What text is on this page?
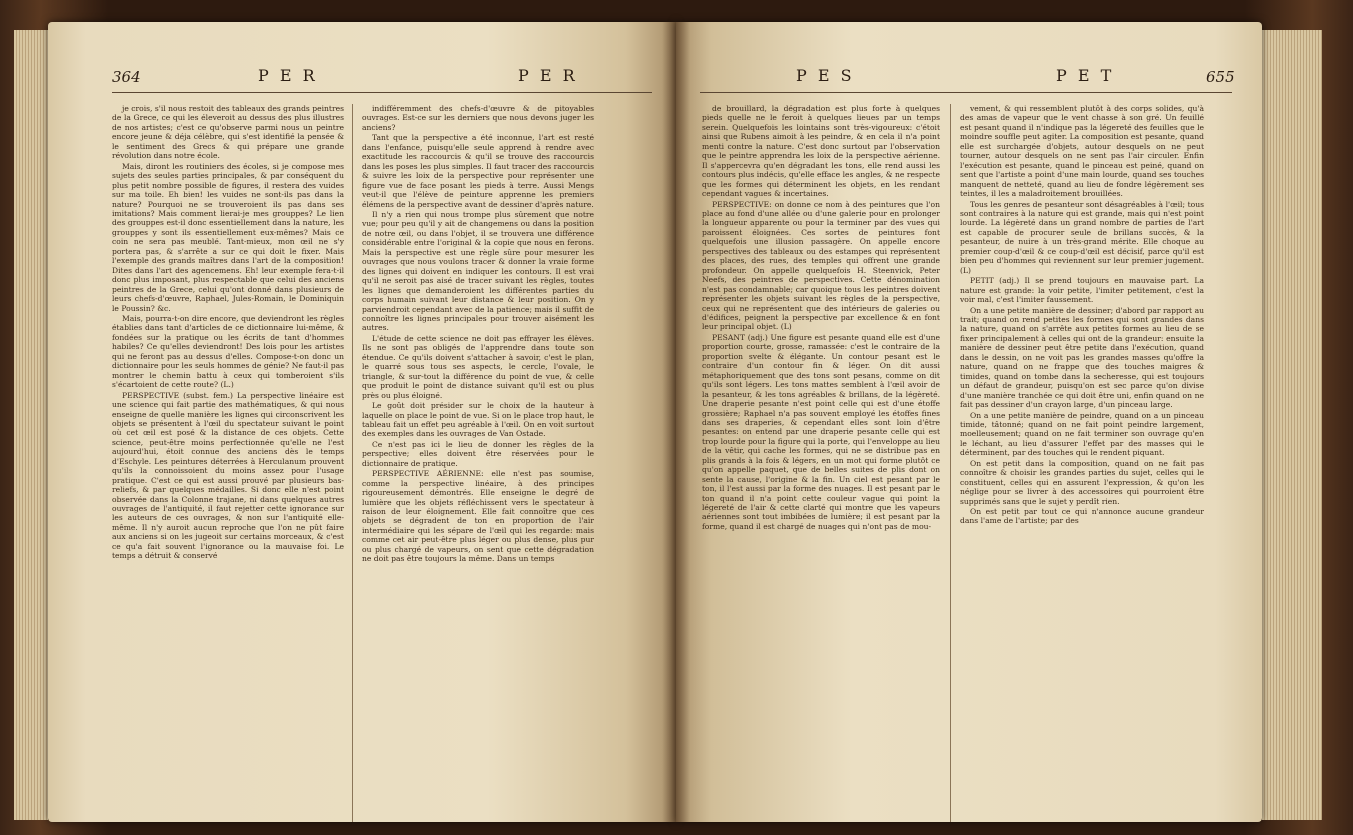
364	P E R	P E R

je crois, s'il nous restoit des tableaux des grands peintres de la Grece, ce qui les éleveroit au dessus des plus illustres de nos artistes; c'est ce qu'observe parmi nous un peintre encore jeune & déja célèbre, qui s'est identifié la pensée & le sentiment des Grecs & qui prépare une grande révolution dans notre école.

Mais, diront les routiniers des écoles, si je compose mes sujets des seules parties principales, & par conséquent du plus petit nombre possible de figures, il restera des vuides sur ma toile. Eh bien! les vuides ne sont-ils pas dans la nature? Pourquoi ne se trouveroient ils pas dans ses imitations? Mais comment lierai-je mes grouppes? Le lien des grouppes est-il donc essentiellement dans la nature, les grouppes y sont ils essentiellement eux-mêmes? Mais ce coin ne sera pas meublé. Tant-mieux, mon œil ne s'y portera pas, & s'arrête a sur ce qui doit le fixer. Mais l'exemple des grands maîtres dans l'art de la composition! Dites dans l'art des agencemens. Eh! leur exemple fera-t-il donc plus imposant, plus respectable que celui des anciens peintres de la Grece, celui qu'ont donné dans plusieurs de leurs chefs-d'œuvre, Raphael, Jules-Romain, le Dominiquin le Poussin? &c.

Mais, pourra-t-on dire encore, que deviendront les règles établies dans tant d'articles de ce dictionnaire lui-même, & fondées sur la pratique ou les écrits de tant d'hommes habiles? Ce qu'elles deviendront! Des lois pour les artistes qui ne feront pas au dessus d'elles. Compose-t-on donc un dictionnaire pour les seuls hommes de génie? Ne faut-il pas montrer le chemin battu à ceux qui tomberoient s'ils s'écartoient de cette route? (L.)

PERSPECTIVE (subst. fem.) La perspective linéaire est une science qui fait partie des mathématiques, & qui nous enseigne de quelle manière les lignes qui circonscrivent les objets se présentent à l'œil du spectateur suivant le point où cet œil est posé & la distance de ces objets. Cette science, peut-être moins perfectionnée qu'elle ne l'est aujourd'hui, étoit connue des anciens dès le temps d'Eschyle. Les peintures déterrées à Herculanum prouvent qu'ils la connoissoient du moins assez pour l'usage pratique. C'est ce qui est aussi prouvé par plusieurs bas-reliefs, & par quelques médailles. Si donc elle n'est point observée dans la Colonne trajane, ni dans quelques autres ouvrages de l'antiquité, il faut rejetter cette ignorance sur les auteurs de ces ouvrages, & non sur l'antiquité elle-même. Il n'y auroit aucun reproche que l'on ne pût faire aux anciens si on les jugeoit sur certains morceaux, & c'est ce qu'a fait souvent l'ignorance ou la mauvaise foi. Le temps a détruit & conservé

indifféremment des chefs-d'œuvre & de pitoyables ouvrages. Est-ce sur les derniers que nous devons juger les anciens?

Tant que la perspective a été inconnue, l'art est resté dans l'enfance, puisqu'elle seule apprend à rendre avec exactitude les raccourcis & qu'il se trouve des raccourcis dans les poses les plus simples. Il faut tracer des raccourcis & suivre les loix de la perspective pour représenter une figure vue de face posant les pieds à terre. Aussi Mengs veut-il que l'élève de peinture apprenne les premiers élémens de la perspective avant de dessiner d'après nature.

Il n'y a rien qui nous trompe plus sûrement que notre vue; pour peu qu'il y ait de changemens ou dans la position de notre œil, ou dans l'objet, il se trouvera une différence considérable entre l'original & la copie que nous en ferons. Mais la perspective est une règle sûre pour mesurer les ouvrages que nous voulons tracer & donner la vraie forme des lignes qui doivent en indiquer les contours. Il est vrai qu'il ne seroit pas aisé de tracer suivant les règles, toutes les lignes que demanderoient les différentes parties du corps humain suivant leur distance & leur position. On y parviendroit cependant avec de la patience; mais il suffit de connoître les lignes principales pour trouver aisément les autres.

L'étude de cette science ne doit pas effrayer les élèves. Ils ne sont pas obligés de l'apprendre dans toute son étendue. Ce qu'ils doivent s'attacher à savoir, c'est le plan, le quarré sous tous ses aspects, le cercle, l'ovale, le triangle, & sur-tout la différence du point de vue, & celle que produit le point de distance suivant qu'il est ou plus près ou plus éloigné.

Le goût doit présider sur le choix de la hauteur à laquelle on place le point de vue. Si on le place trop haut, le tableau fait un effet peu agréable à l'œil. On en voit surtout des exemples dans les ouvrages de Van Ostade.

Ce n'est pas ici le lieu de donner les règles de la perspective; elles doivent être réservées pour le dictionnaire de pratique.

PERSPECTIVE AÉRIENNE: elle n'est pas soumise, comme la perspective linéaire, à des principes rigoureusement démontrés. Elle enseigne le degré de lumière que les objets réfléchissent vers le spectateur à raison de leur éloignement. Elle fait connoître que ces objets se dégradent de ton en proportion de l'air intermédiaire qui les sépare de l'œil qui les regarde: mais comme cet air peut-être plus léger ou plus dense, plus pur ou plus chargé de vapeurs, on sent que cette dégradation ne doit pas être toujours la même. Dans un temps

P E S	P E T	655

de brouillard, la dégradation est plus forte à quelques pieds quelle ne le feroit à quelques lieues par un temps serein. Quelquefois les lointains sont très-vigoureux: c'étoit ainsi que Rubens aimoit à les peindre, & en cela il n'a point menti contre la nature. C'est donc surtout par l'observation que le peintre apprendra les loix de la perspective aérienne. Il s'appercevra qu'en dégradant les tons, elle rend aussi les contours plus indécis, qu'elle efface les angles, & ne respecte que les formes qui déterminent les objets, en les rendant cependant vagues & incertaines.

PERSPECTIVE: on donne ce nom à des peintures que l'on place au fond d'une allée ou d'une galerie pour en prolonger la longueur apparente ou pour la terminer par des vues qui paroissent éloignées. Ces sortes de peintures font quelquefois une illusion passagère. On appelle encore perspectives des tableaux ou des estampes qui représentent des places, des rues, des temples qui offrent une grande profondeur. On appelle quelquefois H. Steenvick, Peter Neefs, des peintres de perspectives. Cette dénomination n'est pas condamnable; car quoique tous les peintres doivent représenter les objets suivant les règles de la perspective, ceux qui ne représentent que des intérieurs de galeries ou d'édifices, peignent la perspective par excellence & en font leur principal objet. (L)

PESANT (adj.) Une figure est pesante quand elle est d'une proportion courte, grosse, ramassée: c'est le contraire de la proportion svelte & élégante. Un contour pesant est le contraire d'un contour fin & léger. On dit aussi métaphoriquement que des tons sont pesans, comme on dit qu'ils sont légers. Les tons mattes semblent à l'œil avoir de la pesanteur, & les tons agréables & brillans, de la légèreté. Une draperie pesante n'est point celle qui est d'une étoffe grossière; Raphael n'a pas souvent employé les étoffes fines dans ses draperies, & cependant elles sont loin d'être pesantes: on entend par une draperie pesante celle qui est trop lourde pour la figure qui la porte, qui l'enveloppe au lieu de la vêtir, qui cache les formes, qui ne se distribue pas en plis grands à la fois & légers, en un mot qui forme plutôt ce qu'on appelle paquet, que de belles suites de plis dont on sente la cause, l'origine & la fin. Un ciel est pesant par le ton, il l'est aussi par la forme des nuages. Il est pesant par le ton quand il n'a point cette couleur vague qui point la légereté de l'air & cette clarté qui montre que les vapeurs aériennes sont tout imbibées de lumière; il est pesant par la forme, quand il est chargé de nuages qui n'ont pas de mou-

vement, & qui ressemblent plutôt à des corps solides, qu'à des amas de vapeur que le vent chasse à son gré. Un feuillé est pesant quand il n'indique pas la légereté des feuilles que le moindre souffle peut agiter. La composition est pesante, quand elle est surchargée d'objets, autour desquels on ne peut tourner, autour desquels on ne sent pas l'air circuler. Enfin l'exécution est pesante, quand le pinceau est peiné, quand on sent que l'artiste a point d'une main lourde, quand ses touches manquent de netteté, quand au lieu de fondre légèrement ses teintes, il les a maladroitement brouillées.

Tous les genres de pesanteur sont désagréables à l'œil; tous sont contraires à la nature qui est grande, mais qui n'est point lourde. La légèreté dans un grand nombre de parties de l'art est capable de procurer seule de brillans succès, & la pesanteur, de nuire à un très-grand mérite. Elle choque au premier coup-d'œil & ce coup-d'œil est décisif, parce qu'il est bien peu d'hommes qui reviennent sur leur premier jugement. (L)

PETIT (adj.) Il se prend toujours en mauvaise part. La nature est grande: la voir petite, l'imiter petitement, c'est la voir mal, c'est l'imiter faussement.

On a une petite manière de dessiner; d'abord par rapport au trait; quand on rend petites les formes qui sont grandes dans la nature, quand on s'arrête aux petites formes au lieu de se fixer principalement à celles qui ont de la grandeur: ensuite la manière de dessiner peut être petite dans l'exécution, quand dans le dessin, on ne voit pas les grandes masses qu'offre la nature, quand on ne frappe que des touches maigres & timides, quand on tombe dans la secheresse, qui est toujours un défaut de grandeur, puisqu'on est sec parce qu'on divise d'une manière tranchée ce qui doit être uni, enfin quand on ne fait pas dessiner d'un crayon large, d'un pinceau large.

On a une petite manière de peindre, quand on a un pinceau timide, tâtonné; quand on ne fait point peindre largement, moelleusement; quand on ne fait terminer son ouvrage qu'en le léchant, au lieu d'assurer l'effet par des masses qui le déterminent, par des touches qui le rendent piquant.

On est petit dans la composition, quand on ne fait pas connoître & choisir les grandes parties du sujet, celles qui le constituent, celles qui en assurent l'expression, & qu'on les néglige pour se livrer à des accessoires qui pourroient être supprimés sans que le sujet y perdît rien.

On est petit par tout ce qui n'annonce aucune grandeur dans l'ame de l'artiste; par des
